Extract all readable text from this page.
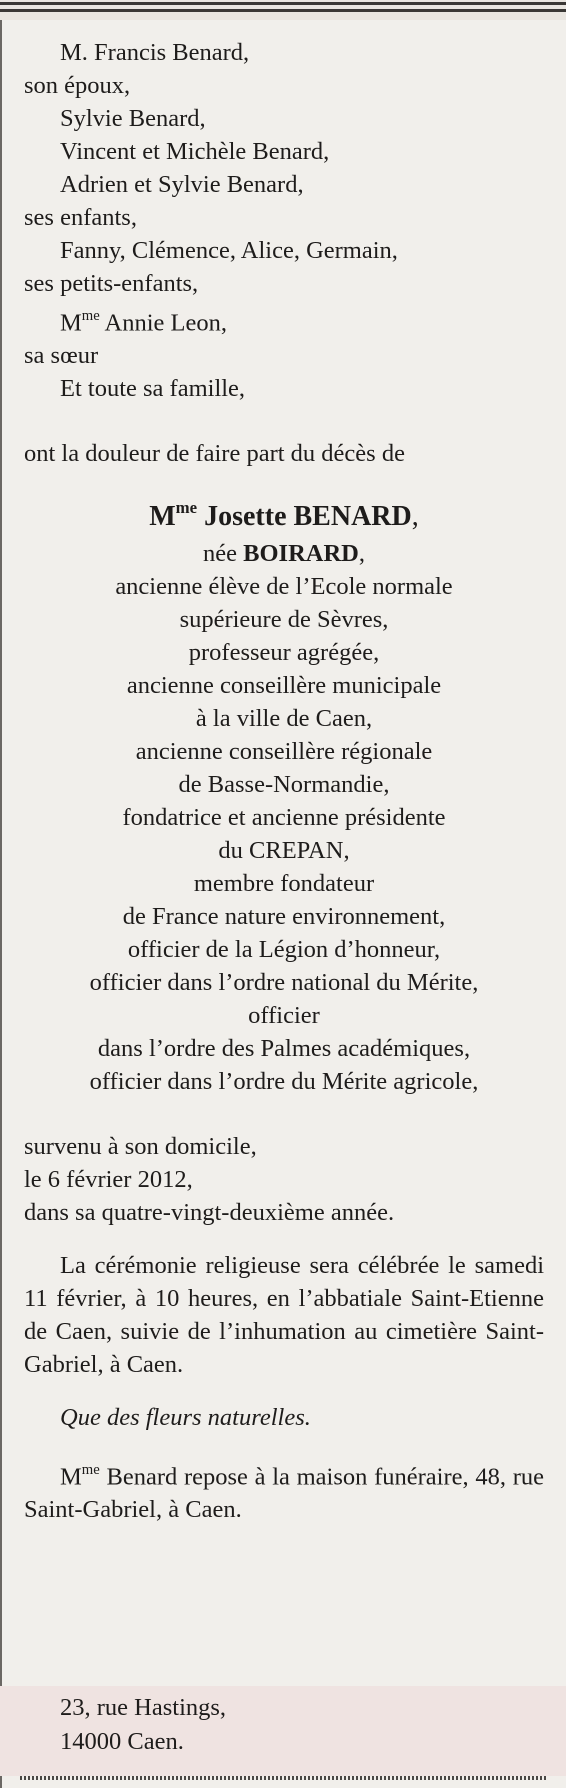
M. Francis Benard,
son époux,
Sylvie Benard,
Vincent et Michèle Benard,
Adrien et Sylvie Benard,
ses enfants,
Fanny, Clémence, Alice, Germain,
ses petits-enfants,
$M^{me}$ Annie Leon,
sa sœur
Et toute sa famille,
ont la douleur de faire part du décès de
$M^{me}$ Josette BENARD,
née BOIRARD,
ancienne élève de l’Ecole normale
supérieure de Sèvres,
professeur agrégée,
ancienne conseillère municipale
à la ville de Caen,
ancienne conseillère régionale
de Basse-Normandie,
fondatrice et ancienne présidente
du CREPAN,
membre fondateur
de France nature environnement,
officier de la Légion d’honneur,
officier dans l’ordre national du Mérite,
officier
dans l’ordre des Palmes académiques,
officier dans l’ordre du Mérite agricole,
survenu à son domicile,
le 6 février 2012,
dans sa quatre-vingt-deuxième année.
La cérémonie religieuse sera célébrée le samedi 11 février, à 10 heures, en l’abbatiale Saint-Etienne de Caen, suivie de l’inhumation au cimetière Saint-Gabriel, à Caen.
Que des fleurs naturelles.
$M^{me}$ Benard repose à la maison funéraire, 48, rue Saint-Gabriel, à Caen.
23, rue Hastings,
14000 Caen.
